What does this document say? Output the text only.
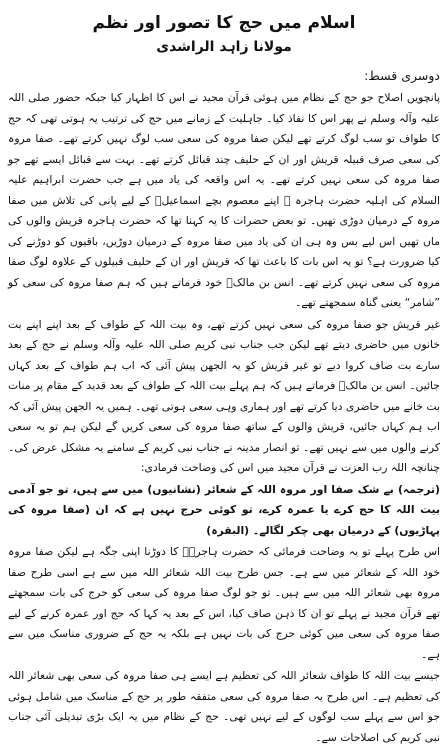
اسلام میں حج کا تصور اور نظم
مولانا زاہد الراشدی
دوسری قسط:

پانچویں اصلاح جو حج کے نظام میں ہوئی قرآن مجید نے اس کا اظہار کیا جبکہ حضور صلی اللہ علیہ وآلہ وسلم نے پھر اس کا نفاذ کیا۔ جاہلیت کے زمانے میں حج کی ترتیب یہ ہوتی تھی کہ حج کا طواف تو سب لوگ کرتے تھے لیکن صفا مروہ کی سعی سب لوگ نہیں کرتے تھے۔ صفا مروہ کی سعی صرف قبیلہ قریش اور ان کے حلیف چند قبائل کرتے تھے۔ بہت سے قبائل ایسے تھے جو صفا مروہ کی سعی نہیں کرتے تھے۔ یہ اس واقعہ کی یاد میں ہے جب حضرت ابراہیم علیہ السلام کی اہلیہ حضرت ہاجرہ ؓ اپنے معصوم بچے اسماعیلؑ کے لیے پانی کی تلاش میں صفا مروہ کے درمیان دوڑی تھیں۔ تو بعض حضرات کا یہ کہنا تھا کہ حضرت ہاجرہ قریش والوں کی ماں تھیں اس لیے بس وہ ہی ان کی یاد میں صفا مروہ کے درمیان دوڑیں، باقیوں کو دوڑنے کی کیا ضرورت ہے؟ تو یہ اس بات کا باعث تھا کہ قریش اور ان کے حلیف قبیلوں کے علاوہ لوگ صفا مروہ کی سعی نہیں کرتے تھے۔ انس بن مالکؓ خود فرماتے ہیں کہ ہم صفا مروہ کی سعی کو ”شامر“ یعنی گناہ سمجھتے تھے۔

غیر قریش جو صفا مروہ کی سعی نہیں کرتے تھے، وہ بیت اللہ کے طواف کے بعد اپنے اپنے بت خانوں میں حاضری دیتے تھے لیکن جب جناب نبی کریم صلی اللہ علیہ وآلہ وسلم نے حج کے بعد سارے بت صاف کروا دیے تو غیر قریش کو یہ الجھن پیش آئی کہ اب ہم طواف کے بعد کہاں جائیں۔ انس بن مالکؓ فرماتے ہیں کہ ہم پہلے بیت اللہ کے طواف کے بعد قدید کے مقام پر منات بت خانے میں حاضری دیا کرتے تھے اور ہماری وہی سعی ہوتی تھی۔ ہمیں یہ الجھن پیش آئی کہ اب ہم کہاں جائیں، قریش والوں کے ساتھ صفا مروہ کی سعی کریں گے لیکن ہم تو یہ سعی کرنے والوں میں سے نہیں تھے۔ تو انصار مدینہ نے جناب نبی کریم کے سامنے یہ مشکل عرض کی۔ چنانچہ اللہ رب العزت نے قرآن مجید میں اس کی وضاحت فرمادی:

(ترجمہ) بے شک صفا اور مروہ اللہ کے شعائر (نشانیوں) میں سے ہیں، تو جو آدمی بیت اللہ کا حج کرے یا عمرہ کرے، تو کوئی حرج نہیں ہے کہ ان (صفا مروہ کی پہاڑیوں) کے درمیان بھی چکر لگالے۔ (البقرہ)

اس طرح پہلے تو یہ وضاحت فرمائی کہ حضرت ہاجرہؓ کا دوڑنا اپنی جگہ ہے لیکن صفا مروہ خود اللہ کے شعائر میں سے ہے۔ جس طرح بیت اللہ شعائر اللہ میں سے ہے اسی طرح صفا مروہ بھی شعائر اللہ میں سے ہیں۔ تو جو لوگ صفا مروہ کی سعی کو حرج کی بات سمجھتے تھے قرآن مجید نے پہلے تو ان کا ذہن صاف کیا، اس کے بعد یہ کہا کہ حج اور عمرہ کرنے کے لیے صفا مروہ کی سعی میں کوئی حرج کی بات نہیں ہے بلکہ یہ حج کے ضروری مناسک میں سے ہے۔

جیسے بیت اللہ کا طواف شعائر اللہ کی تعظیم ہے ایسے ہی صفا مروہ کی سعی بھی شعائر اللہ کی تعظیم ہے۔ اس طرح یہ صفا مروہ کی سعی متفقہ طور پر حج کے مناسک میں شامل ہوئی جو اس سے پہلے سب لوگوں کے لیے نہیں تھی۔ حج کے نظام میں یہ ایک بڑی تبدیلی آئی جناب نبی کریم کی اصلاحات سے۔
